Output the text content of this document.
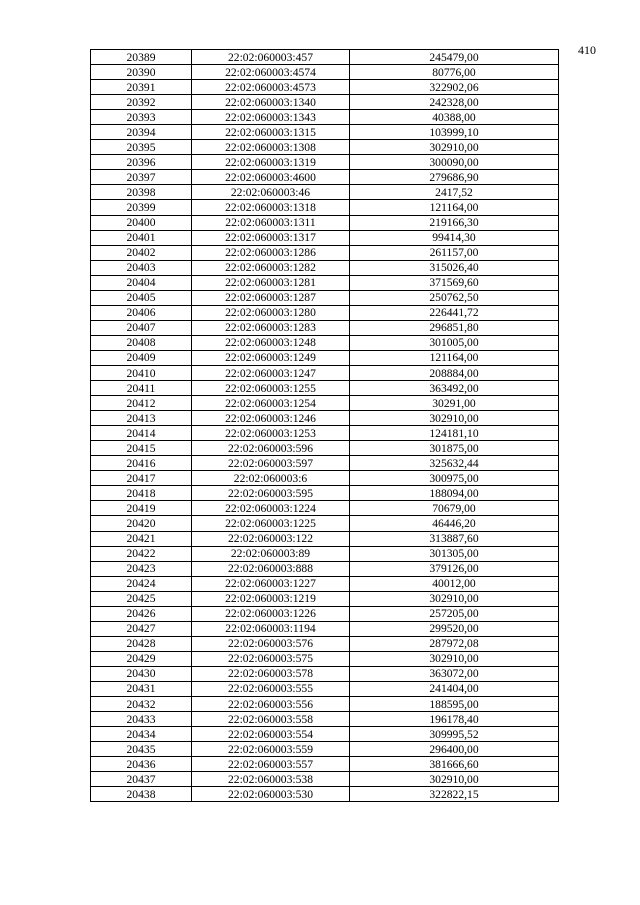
410
20389	22:02:060003:457	245479,00
20390	22:02:060003:4574	80776,00
20391	22:02:060003:4573	322902,06
20392	22:02:060003:1340	242328,00
20393	22:02:060003:1343	40388,00
20394	22:02:060003:1315	103999,10
20395	22:02:060003:1308	302910,00
20396	22:02:060003:1319	300090,00
20397	22:02:060003:4600	279686,90
20398	22:02:060003:46	2417,52
20399	22:02:060003:1318	121164,00
20400	22:02:060003:1311	219166,30
20401	22:02:060003:1317	99414,30
20402	22:02:060003:1286	261157,00
20403	22:02:060003:1282	315026,40
20404	22:02:060003:1281	371569,60
20405	22:02:060003:1287	250762,50
20406	22:02:060003:1280	226441,72
20407	22:02:060003:1283	296851,80
20408	22:02:060003:1248	301005,00
20409	22:02:060003:1249	121164,00
20410	22:02:060003:1247	208884,00
20411	22:02:060003:1255	363492,00
20412	22:02:060003:1254	30291,00
20413	22:02:060003:1246	302910,00
20414	22:02:060003:1253	124181,10
20415	22:02:060003:596	301875,00
20416	22:02:060003:597	325632,44
20417	22:02:060003:6	300975,00
20418	22:02:060003:595	188094,00
20419	22:02:060003:1224	70679,00
20420	22:02:060003:1225	46446,20
20421	22:02:060003:122	313887,60
20422	22:02:060003:89	301305,00
20423	22:02:060003:888	379126,00
20424	22:02:060003:1227	40012,00
20425	22:02:060003:1219	302910,00
20426	22:02:060003:1226	257205,00
20427	22:02:060003:1194	299520,00
20428	22:02:060003:576	287972,08
20429	22:02:060003:575	302910,00
20430	22:02:060003:578	363072,00
20431	22:02:060003:555	241404,00
20432	22:02:060003:556	188595,00
20433	22:02:060003:558	196178,40
20434	22:02:060003:554	309995,52
20435	22:02:060003:559	296400,00
20436	22:02:060003:557	381666,60
20437	22:02:060003:538	302910,00
20438	22:02:060003:530	322822,15
